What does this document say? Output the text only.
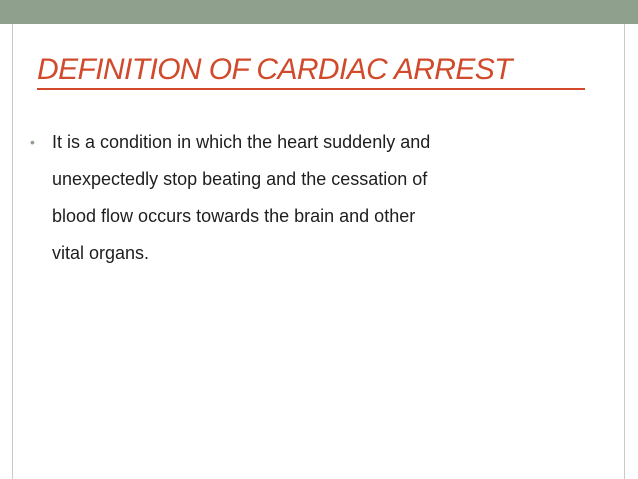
DEFINITION OF CARDIAC ARREST
• It is a condition in which the heart suddenly and
unexpectedly stop beating and the cessation of
blood flow occurs towards the brain and other
vital organs.
